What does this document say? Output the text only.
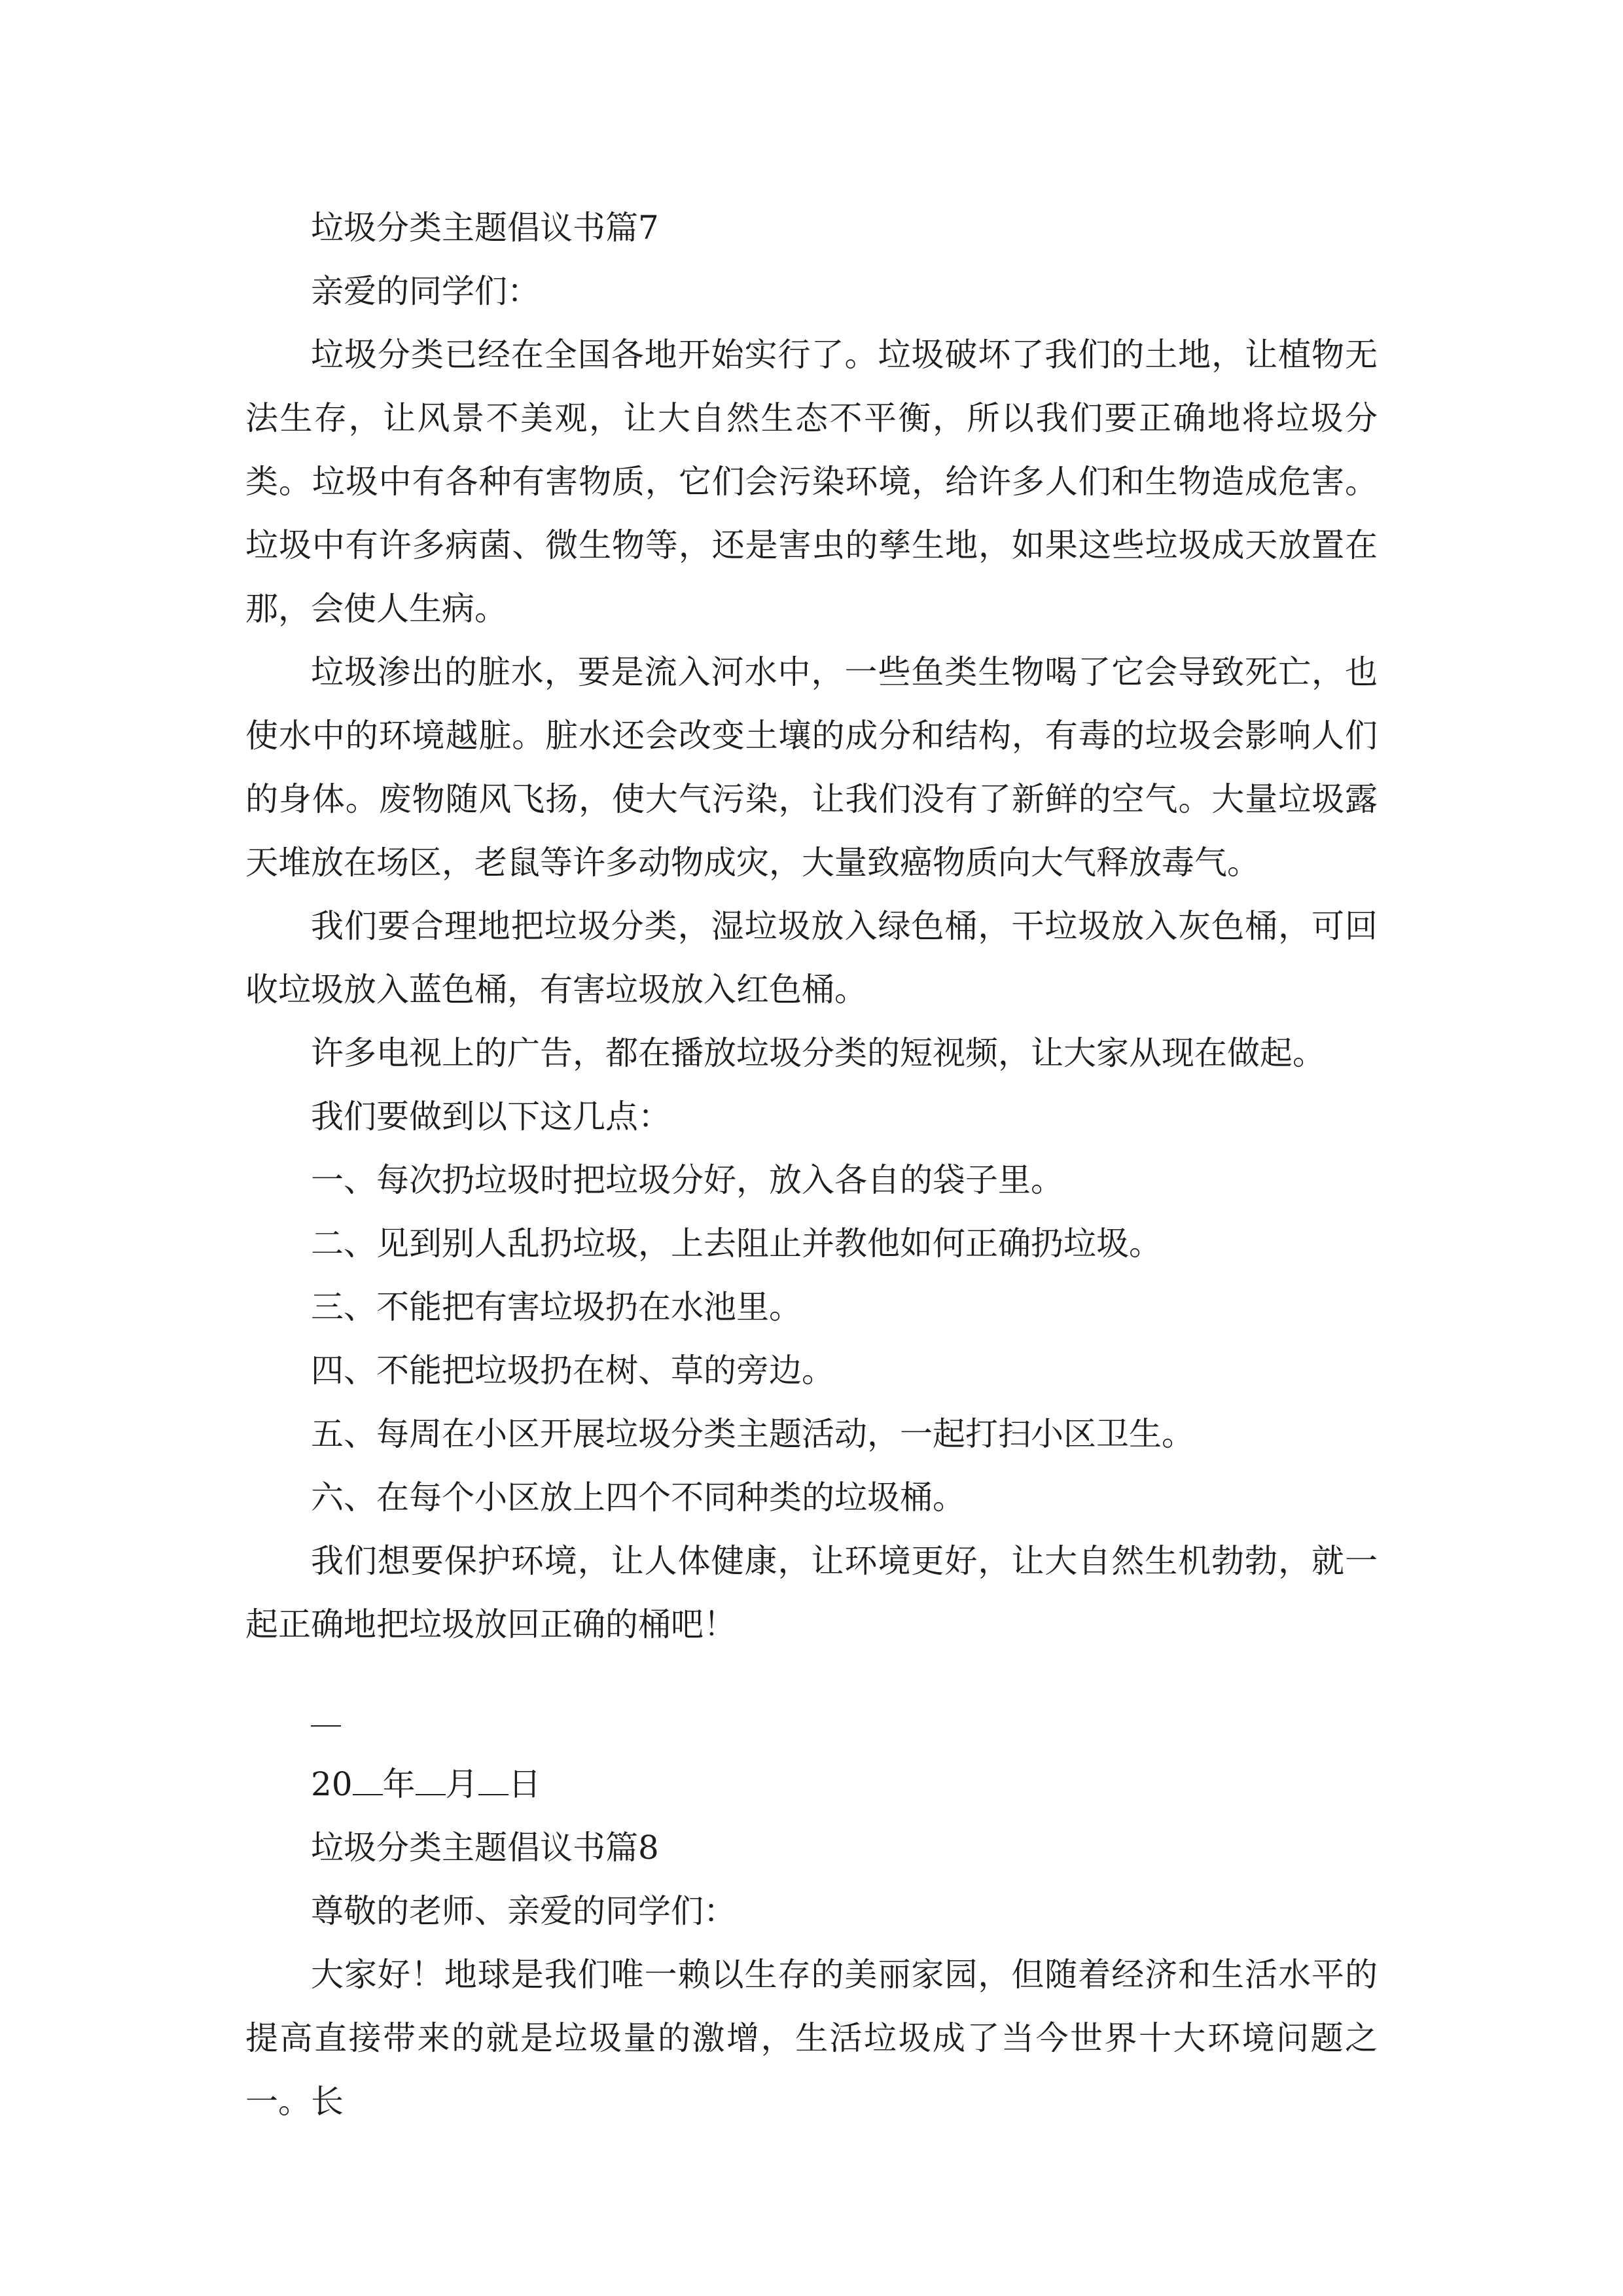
垃圾分类主题倡议书篇7

亲爱的同学们：

垃圾分类已经在全国各地开始实行了。垃圾破坏了我们的土地，让植物无法生存，让风景不美观，让大自然生态不平衡，所以我们要正确地将垃圾分类。垃圾中有各种有害物质，它们会污染环境，给许多人们和生物造成危害。垃圾中有许多病菌、微生物等，还是害虫的孳生地，如果这些垃圾成天放置在那，会使人生病。

垃圾渗出的脏水，要是流入河水中，一些鱼类生物喝了它会导致死亡，也使水中的环境越脏。脏水还会改变土壤的成分和结构，有毒的垃圾会影响人们的身体。废物随风飞扬，使大气污染，让我们没有了新鲜的空气。大量垃圾露天堆放在场区，老鼠等许多动物成灾，大量致癌物质向大气释放毒气。

我们要合理地把垃圾分类，湿垃圾放入绿色桶，干垃圾放入灰色桶，可回收垃圾放入蓝色桶，有害垃圾放入红色桶。

许多电视上的广告，都在播放垃圾分类的短视频，让大家从现在做起。

我们要做到以下这几点：

一、每次扔垃圾时把垃圾分好，放入各自的袋子里。

二、见到别人乱扔垃圾，上去阻止并教他如何正确扔垃圾。

三、不能把有害垃圾扔在水池里。

四、不能把垃圾扔在树、草的旁边。

五、每周在小区开展垃圾分类主题活动，一起打扫小区卫生。

六、在每个小区放上四个不同种类的垃圾桶。

我们想要保护环境，让人体健康，让环境更好，让大自然生机勃勃，就一起正确地把垃圾放回正确的桶吧！

20 年 月 日

垃圾分类主题倡议书篇8

尊敬的老师、亲爱的同学们：

大家好！地球是我们唯一赖以生存的美丽家园，但随着经济和生活水平的提高直接带来的就是垃圾量的激增，生活垃圾成了当今世界十大环境问题之一。长
